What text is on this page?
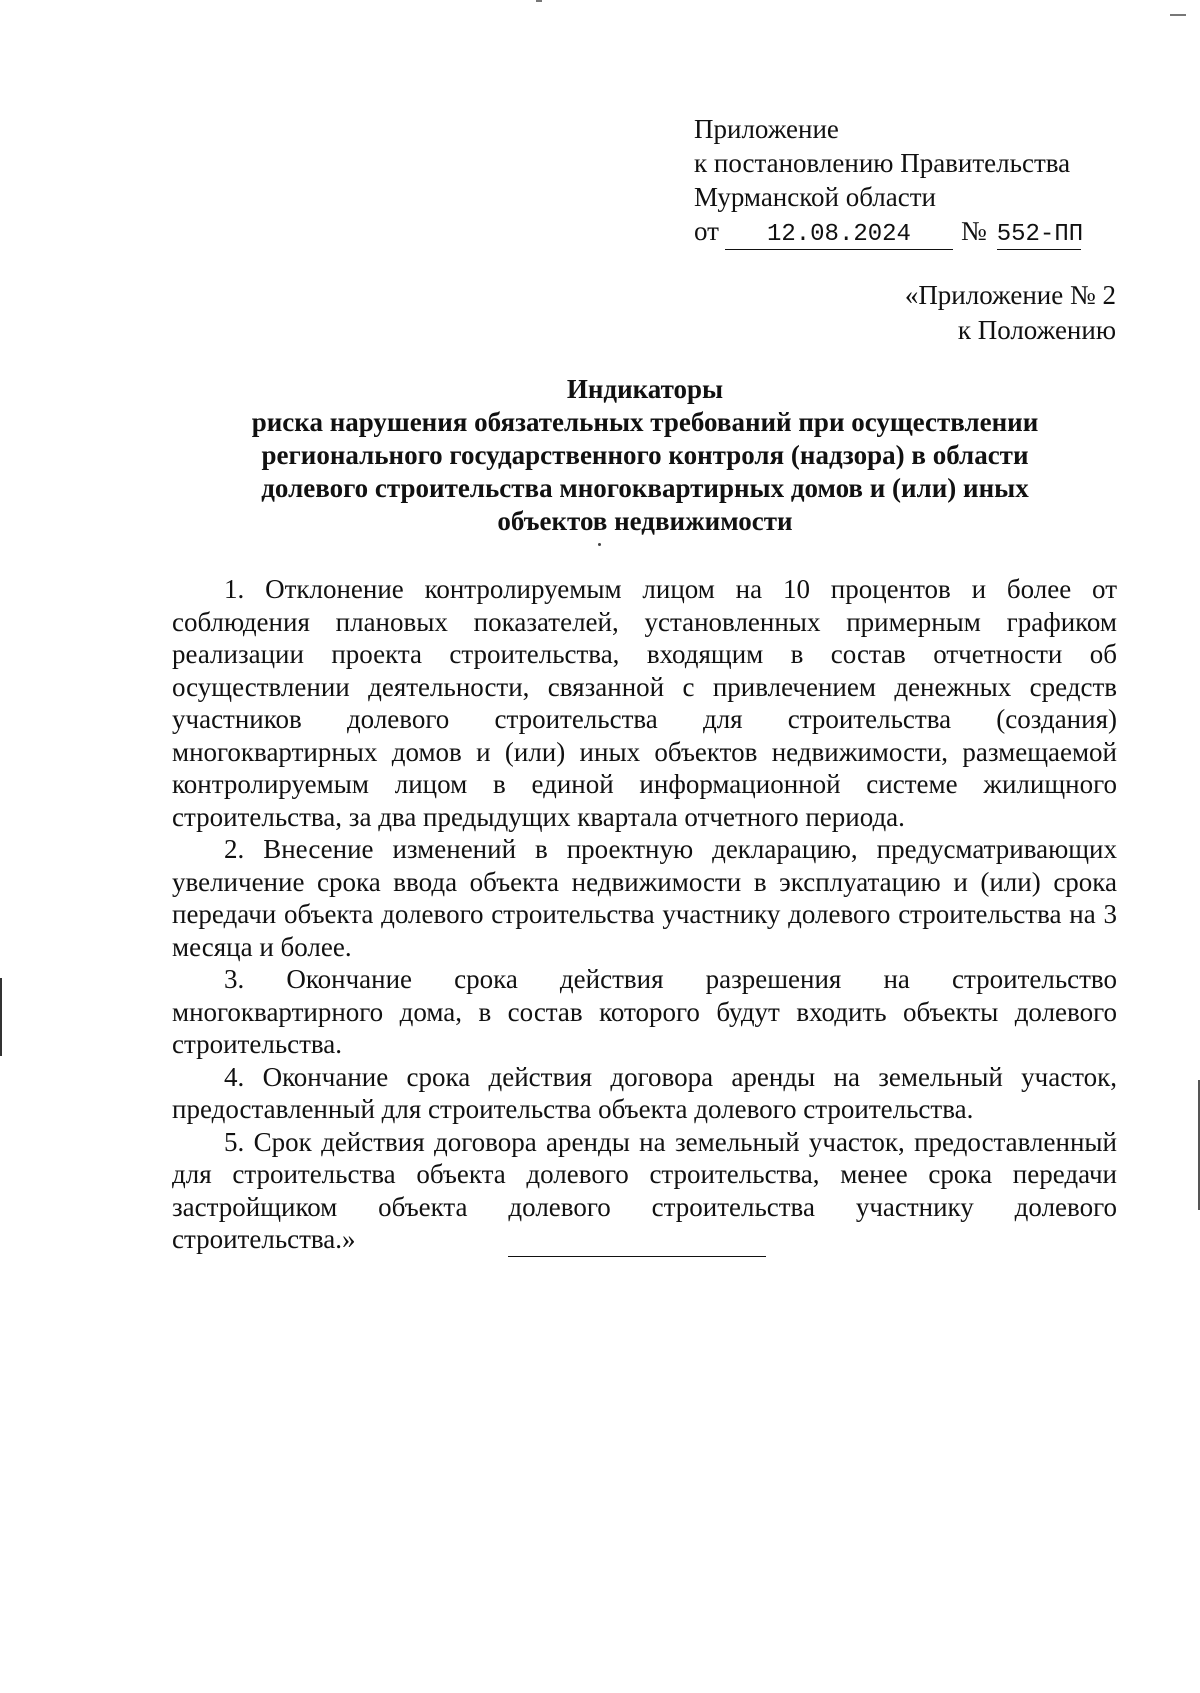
Приложение
к постановлению Правительства
Мурманской области
от	12.08.2024	№ 552-ПП
«Приложение № 2
к Положению
Индикаторы
риска нарушения обязательных требований при осуществлении
регионального государственного контроля (надзора) в области
долевого строительства многоквартирных домов и (или) иных
объектов недвижимости

1. Отклонение контролируемым лицом на 10 процентов и более от соблюдения плановых показателей, установленных примерным графиком реализации проекта строительства, входящим в состав отчетности об осуществлении деятельности, связанной с привлечением денежных средств участников долевого строительства для строительства (создания) многоквартирных домов и (или) иных объектов недвижимости, размещаемой контролируемым лицом в единой информационной системе жилищного строительства, за два предыдущих квартала отчетного периода.

2. Внесение изменений в проектную декларацию, предусматривающих увеличение срока ввода объекта недвижимости в эксплуатацию и (или) срока передачи объекта долевого строительства участнику долевого строительства на 3 месяца и более.

3. Окончание срока действия разрешения на строительство многоквартирного дома, в состав которого будут входить объекты долевого строительства.

4. Окончание срока действия договора аренды на земельный участок, предоставленный для строительства объекта долевого строительства.

5. Срок действия договора аренды на земельный участок, предоставленный для строительства объекта долевого строительства, менее срока передачи застройщиком объекта долевого строительства участнику долевого строительства.»
